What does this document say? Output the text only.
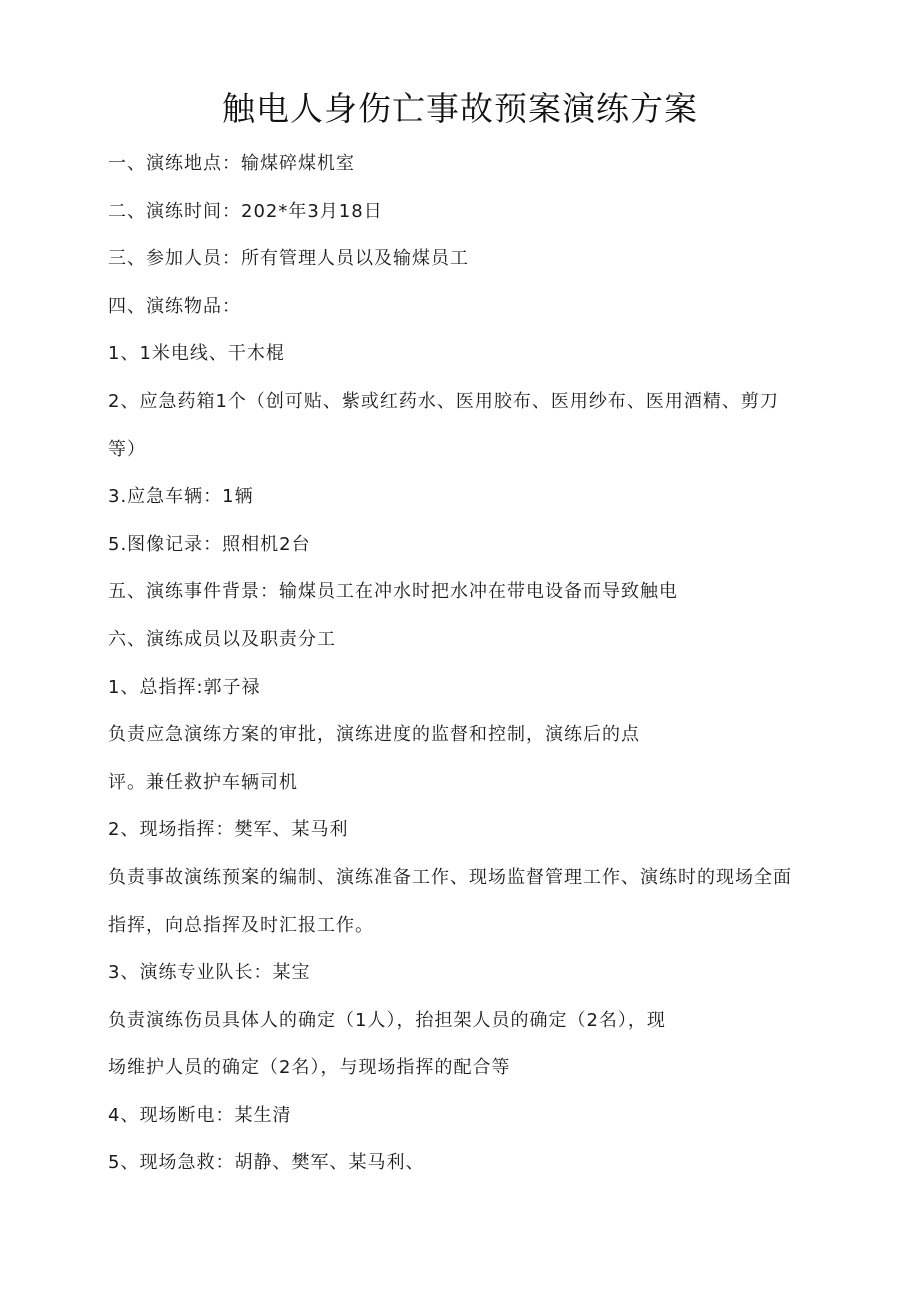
触电人身伤亡事故预案演练方案
一、演练地点：输煤碎煤机室
二、演练时间：202*年3月18日
三、参加人员：所有管理人员以及输煤员工
四、演练物品：
1、1米电线、干木棍
2、应急药箱1个（创可贴、紫或红药水、医用胶布、医用纱布、医用酒精、剪刀
等）
3.应急车辆：1辆
5.图像记录：照相机2台
五、演练事件背景：输煤员工在冲水时把水冲在带电设备而导致触电
六、演练成员以及职责分工
1、总指挥:郭子禄
负责应急演练方案的审批，演练进度的监督和控制，演练后的点
评。兼任救护车辆司机
2、现场指挥：樊军、某马利
负责事故演练预案的编制、演练准备工作、现场监督管理工作、演练时的现场全面
指挥，向总指挥及时汇报工作。
3、演练专业队长：某宝
负责演练伤员具体人的确定（1人），抬担架人员的确定（2名），现
场维护人员的确定（2名），与现场指挥的配合等
4、现场断电：某生清
5、现场急救：胡静、樊军、某马利、
